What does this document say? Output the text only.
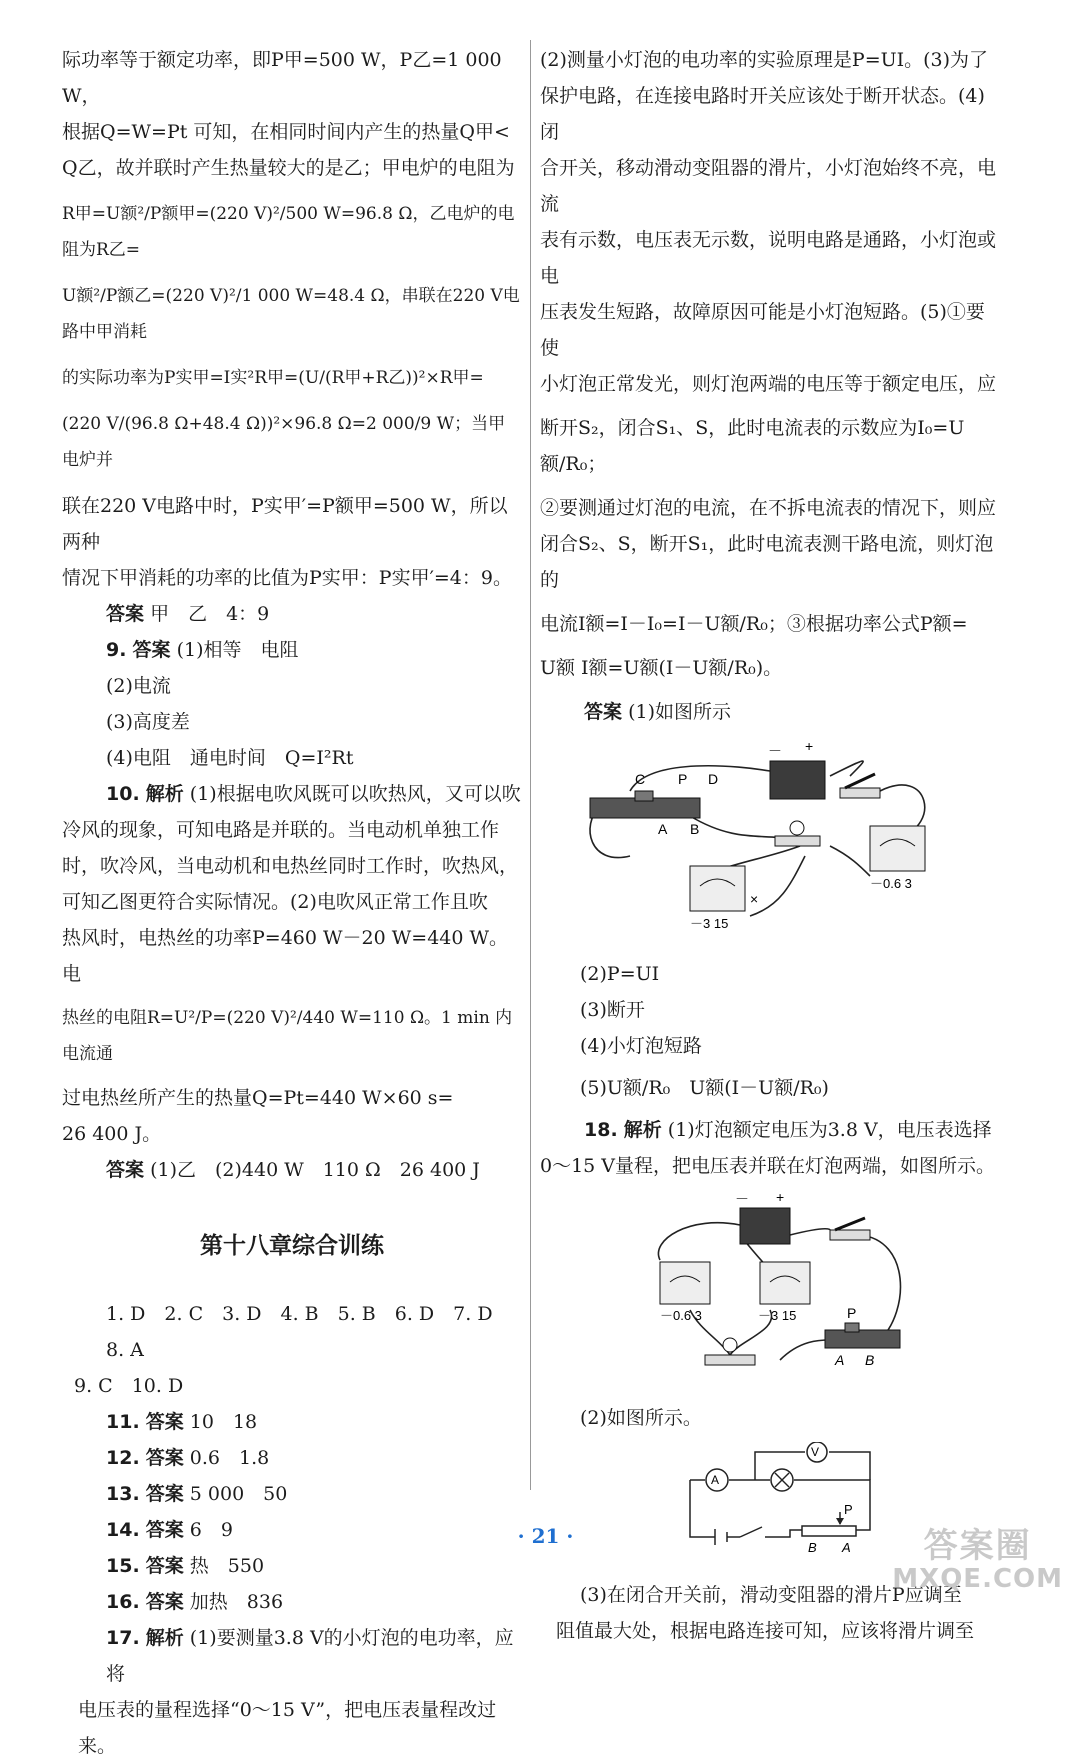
际功率等于额定功率，即P甲=500 W，P乙=1 000 W，

根据Q=W=Pt 可知，在相同时间内产生的热量Q甲<

Q乙，故并联时产生热量较大的是乙；甲电炉的电阻为

R甲=U额²/P额甲=(220 V)²/500 W=96.8 Ω，乙电炉的电阻为R乙=

U额²/P额乙=(220 V)²/1 000 W=48.4 Ω，串联在220 V电路中甲消耗

的实际功率为P实甲=I实²R甲=(U/(R甲+R乙))²×R甲=

(220 V/(96.8 Ω+48.4 Ω))²×96.8 Ω=2 000/9 W；当甲电炉并

联在220 V电路中时，P实甲′=P额甲=500 W，所以两种

情况下甲消耗的功率的比值为P实甲：P实甲′=4：9。

答案 甲　乙　4：9

9. 答案 (1)相等　电阻

(2)电流

(3)高度差

(4)电阻　通电时间　Q=I²Rt

10. 解析 (1)根据电吹风既可以吹热风，又可以吹

冷风的现象，可知电路是并联的。当电动机单独工作

时，吹冷风，当电动机和电热丝同时工作时，吹热风，

可知乙图更符合实际情况。(2)电吹风正常工作且吹

热风时，电热丝的功率P=460 W－20 W=440 W。电

热丝的电阻R=U²/P=(220 V)²/440 W=110 Ω。1 min 内电流通

过电热丝所产生的热量Q=Pt=440 W×60 s=

26 400 J。

答案 (1)乙　(2)440 W　110 Ω　26 400 J

第十八章综合训练

1. D　2. C　3. D　4. B　5. B　6. D　7. D　8. A

9. C　10. D

11. 答案 10　18

12. 答案 0.6　1.8

13. 答案 5 000　50

14. 答案 6　9

15. 答案 热　550

16. 答案 加热　836

17. 解析 (1)要测量3.8 V的小灯泡的电功率，应将

电压表的量程选择“0～15 V”，把电压表量程改过来。

(2)测量小灯泡的电功率的实验原理是P=UI。(3)为了

保护电路，在连接电路时开关应该处于断开状态。(4)闭

合开关，移动滑动变阻器的滑片，小灯泡始终不亮，电流

表有示数，电压表无示数，说明电路是通路，小灯泡或电

压表发生短路，故障原因可能是小灯泡短路。(5)①要使

小灯泡正常发光，则灯泡两端的电压等于额定电压，应

断开S₂，闭合S₁、S，此时电流表的示数应为I₀=U额/R₀；

②要测通过灯泡的电流，在不拆电流表的情况下，则应

闭合S₂、S，断开S₁，此时电流表测干路电流，则灯泡的

电流I额=I－I₀=I－U额/R₀；③根据功率公式P额=

U额 I额=U额(I－U额/R₀)。

答案 (1)如图所示

C P D
A B
－ +
－0.6 3
－3 15
×

(2)P=UI

(3)断开

(4)小灯泡短路

(5)U额/R₀　U额(I－U额/R₀)

18. 解析 (1)灯泡额定电压为3.8 V，电压表选择

0～15 V量程，把电压表并联在灯泡两端，如图所示。

－ +
－0.6 3	－3 15	P
A B

(2)如图所示。

V
A
P
B A

(3)在闭合开关前，滑动变阻器的滑片P应调至

阻值最大处，根据电路连接可知，应该将滑片调至

· 21 ·	答案圈
MXQE.COM
